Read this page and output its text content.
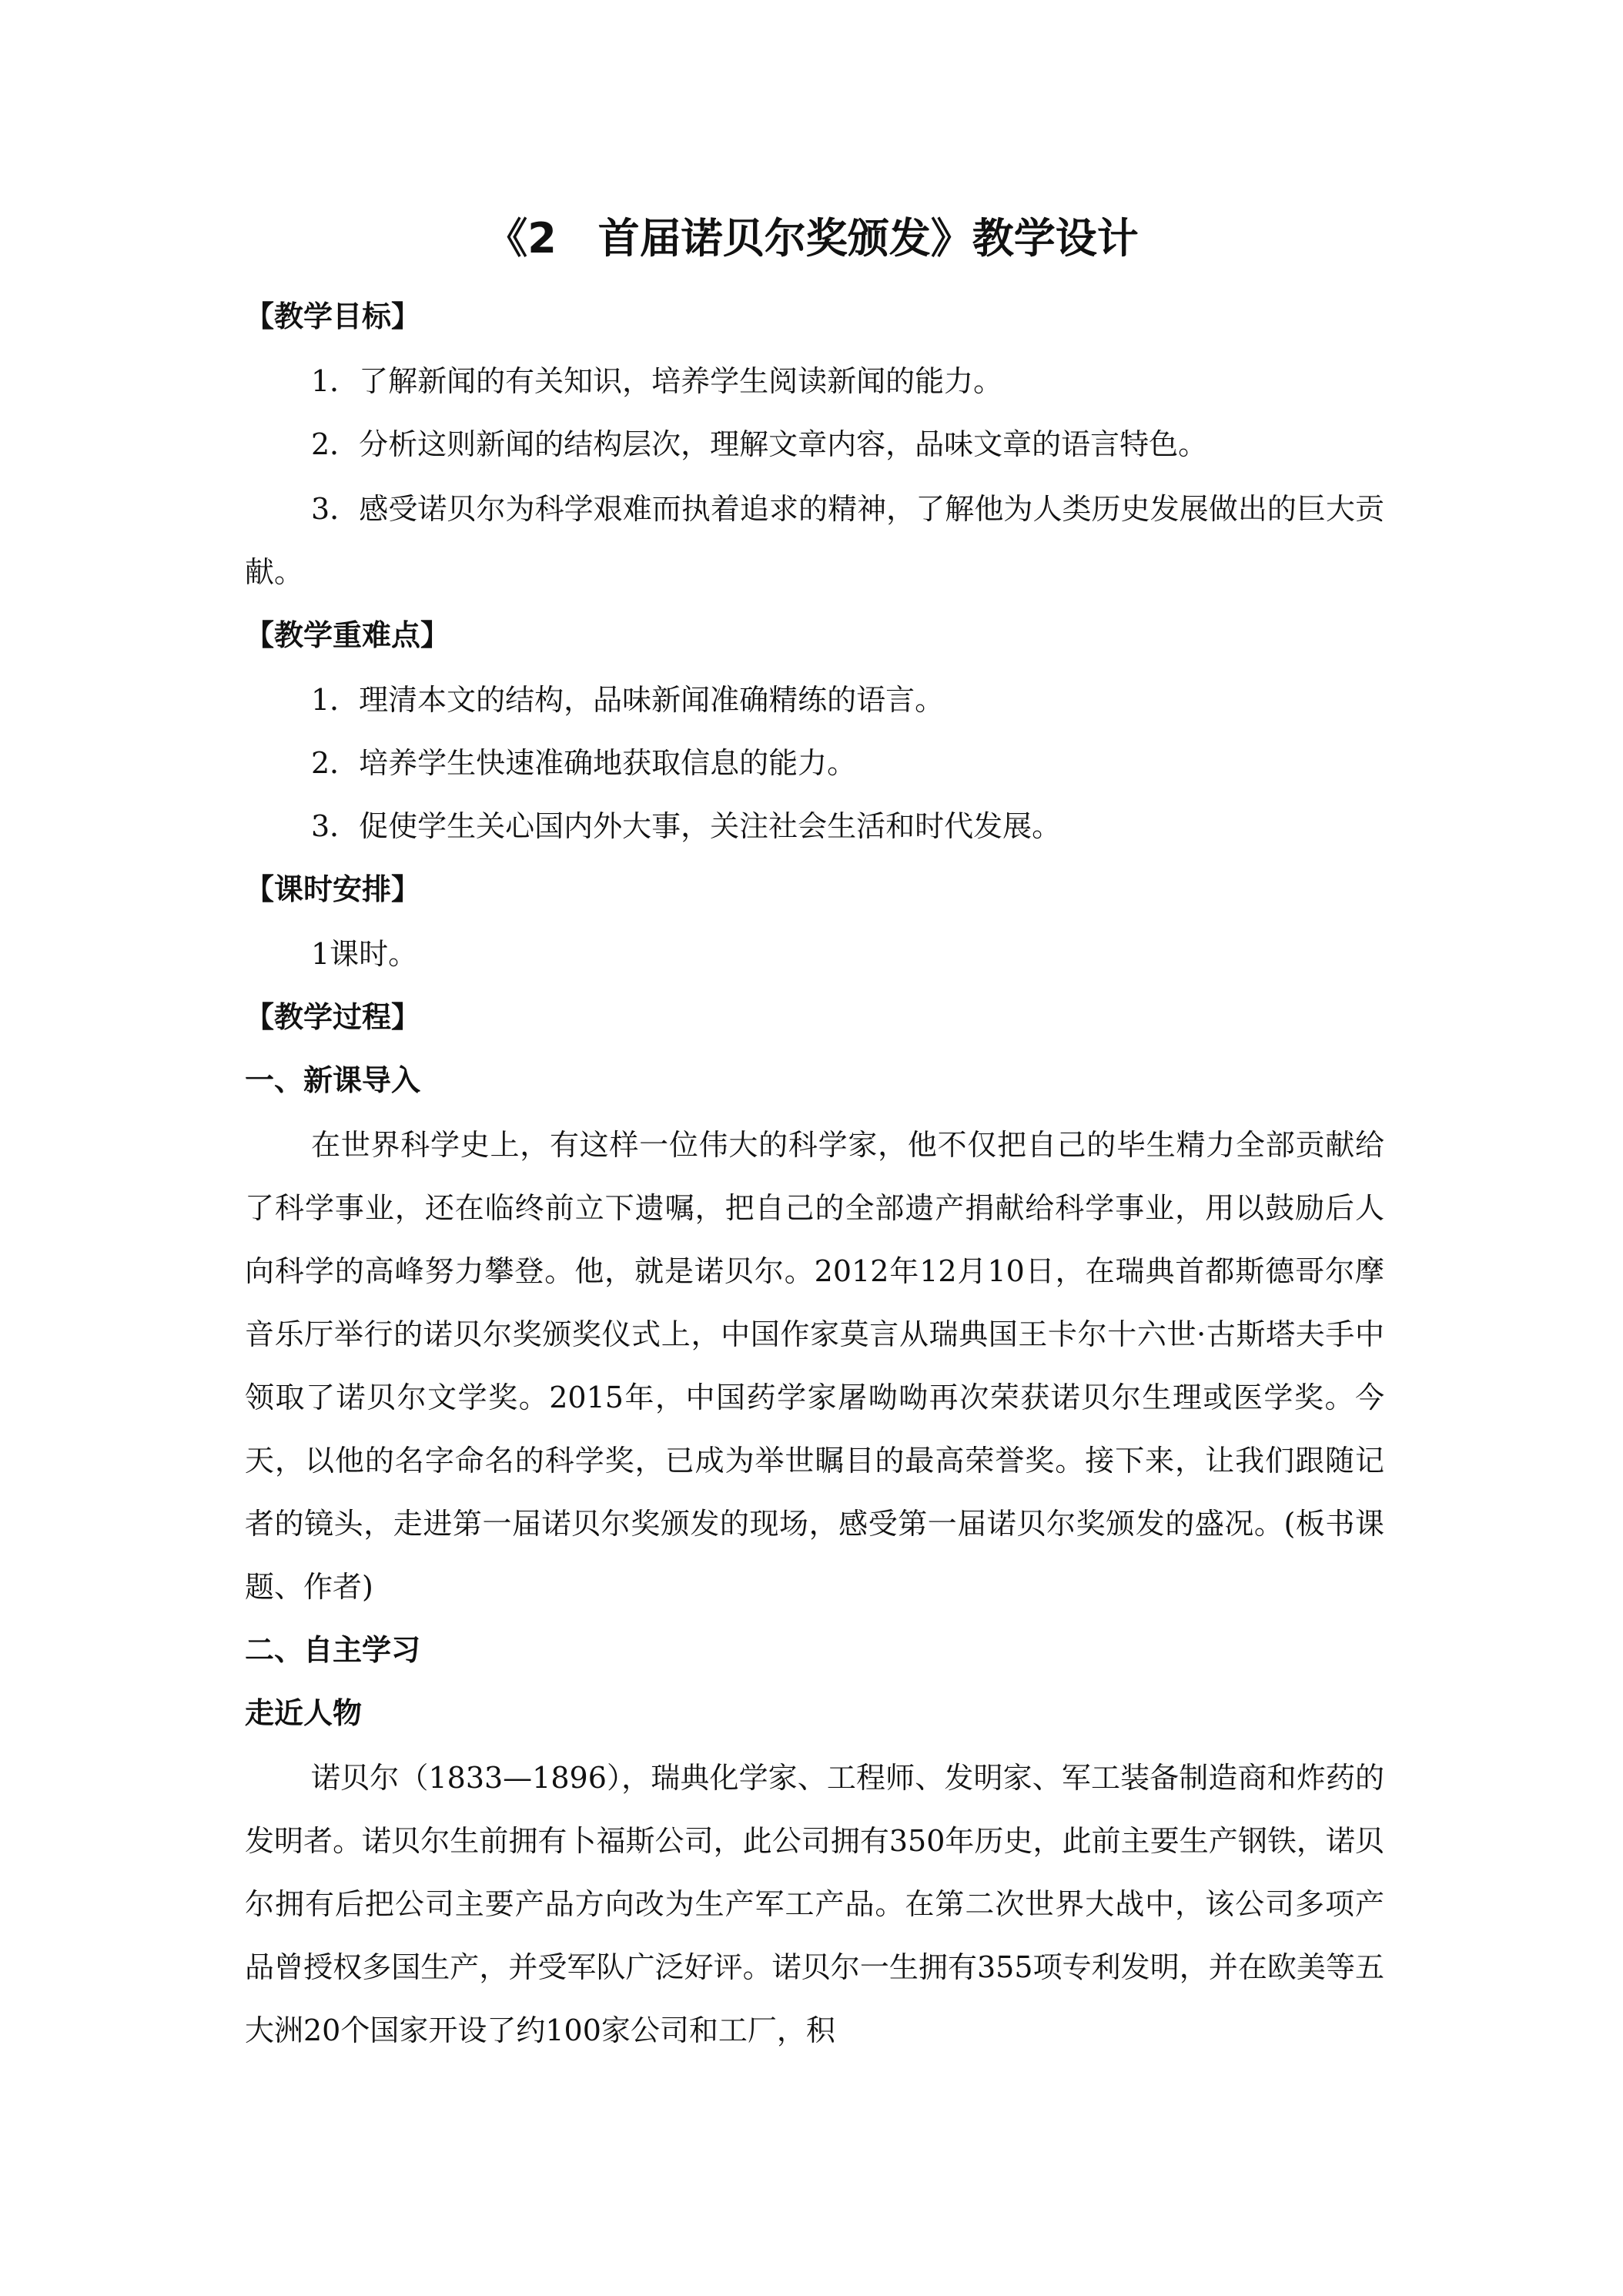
《2　首届诺贝尔奖颁发》教学设计
【教学目标】
1．了解新闻的有关知识，培养学生阅读新闻的能力。
2．分析这则新闻的结构层次，理解文章内容，品味文章的语言特色。
3．感受诺贝尔为科学艰难而执着追求的精神，了解他为人类历史发展做出的巨大贡献。
【教学重难点】
1．理清本文的结构，品味新闻准确精练的语言。
2．培养学生快速准确地获取信息的能力。
3．促使学生关心国内外大事，关注社会生活和时代发展。
【课时安排】
1课时。
【教学过程】
一、新课导入
在世界科学史上，有这样一位伟大的科学家，他不仅把自己的毕生精力全部贡献给了科学事业，还在临终前立下遗嘱，把自己的全部遗产捐献给科学事业，用以鼓励后人向科学的高峰努力攀登。他，就是诺贝尔。2012年12月10日，在瑞典首都斯德哥尔摩音乐厅举行的诺贝尔奖颁奖仪式上，中国作家莫言从瑞典国王卡尔十六世·古斯塔夫手中领取了诺贝尔文学奖。2015年，中国药学家屠呦呦再次荣获诺贝尔生理或医学奖。今天，以他的名字命名的科学奖，已成为举世瞩目的最高荣誉奖。接下来，让我们跟随记者的镜头，走进第一届诺贝尔奖颁发的现场，感受第一届诺贝尔奖颁发的盛况。(板书课题、作者)
二、自主学习
走近人物
诺贝尔（1833—1896），瑞典化学家、工程师、发明家、军工装备制造商和炸药的发明者。诺贝尔生前拥有卜福斯公司，此公司拥有350年历史，此前主要生产钢铁，诺贝尔拥有后把公司主要产品方向改为生产军工产品。在第二次世界大战中，该公司多项产品曾授权多国生产，并受军队广泛好评。诺贝尔一生拥有355项专利发明，并在欧美等五大洲20个国家开设了约100家公司和工厂，积
